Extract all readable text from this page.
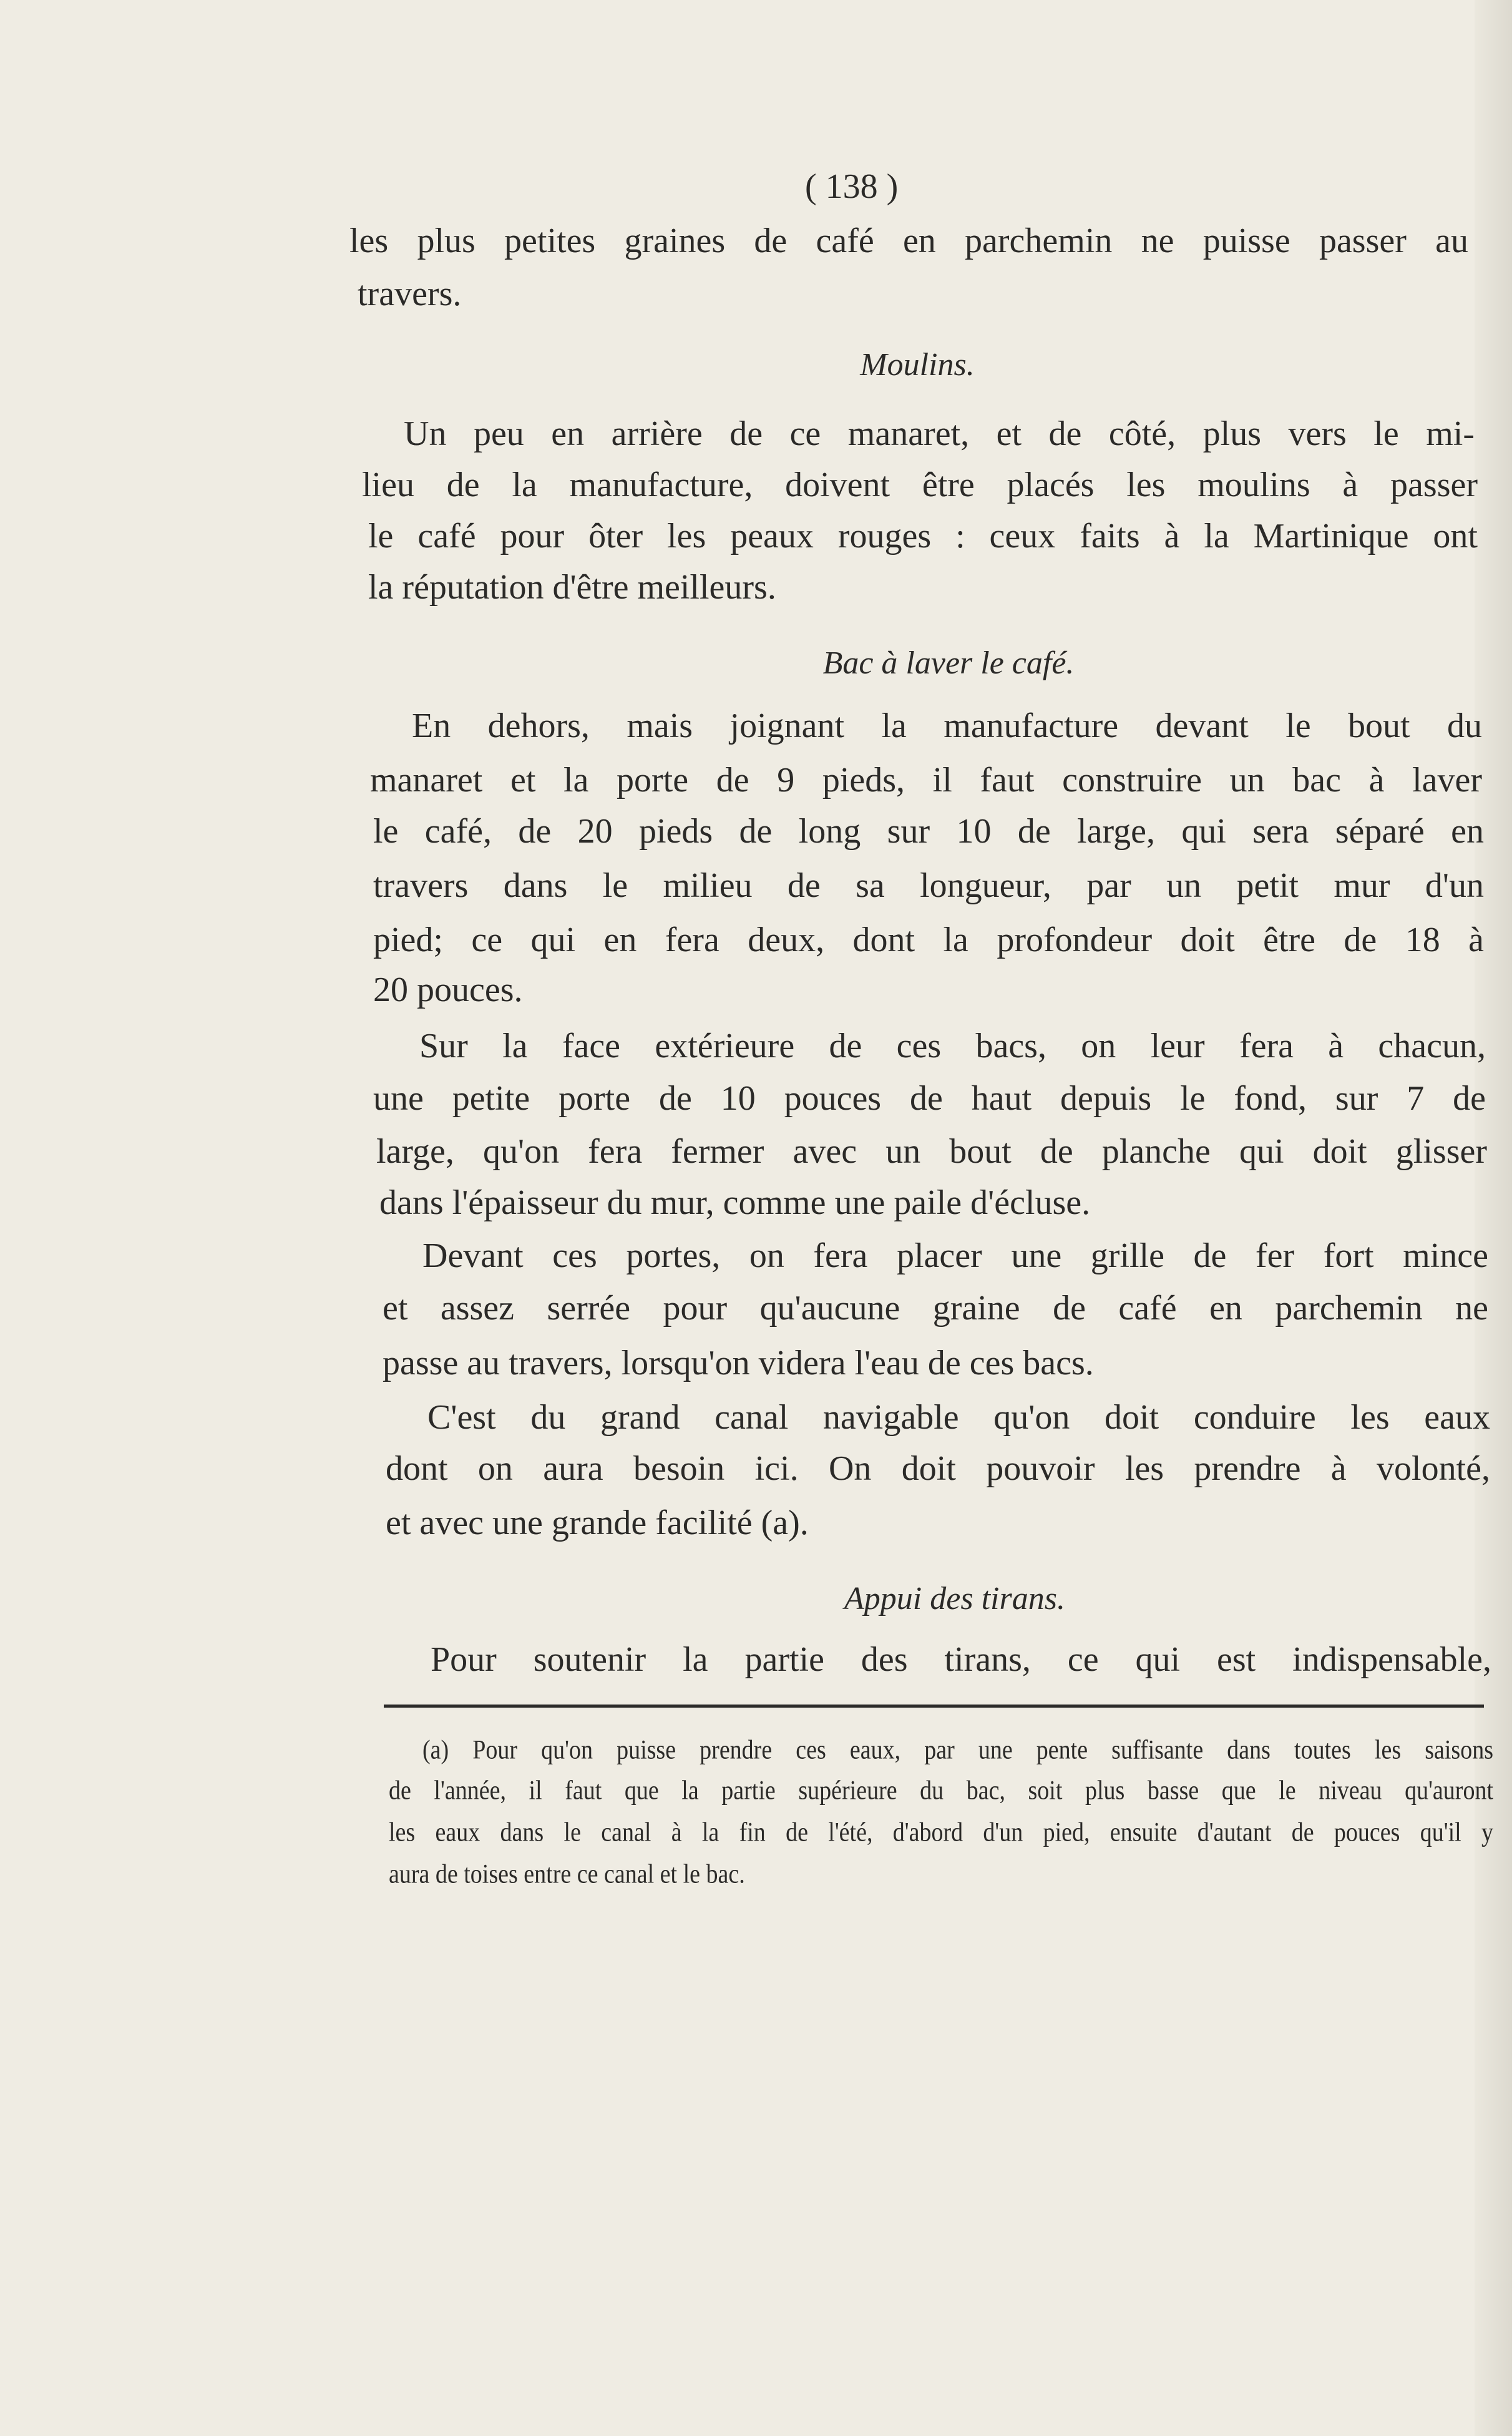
( 138 )
les plus petites graines de café en parchemin ne puisse passer au
travers.
Moulins.
Un peu en arrière de ce manaret, et de côté, plus vers le mi-
lieu de la manufacture, doivent être placés les moulins à passer
le café pour ôter les peaux rouges : ceux faits à la Martinique ont
la réputation d'être meilleurs.
Bac à laver le café.
En dehors, mais joignant la manufacture devant le bout du
manaret et la porte de 9 pieds, il faut construire un bac à laver
le café, de 20 pieds de long sur 10 de large, qui sera séparé en
travers dans le milieu de sa longueur, par un petit mur d'un
pied; ce qui en fera deux, dont la profondeur doit être de 18 à
20 pouces.
Sur la face extérieure de ces bacs, on leur fera à chacun,
une petite porte de 10 pouces de haut depuis le fond, sur 7 de
large, qu'on fera fermer avec un bout de planche qui doit glisser
dans l'épaisseur du mur, comme une paile d'écluse.
Devant ces portes, on fera placer une grille de fer fort mince
et assez serrée pour qu'aucune graine de café en parchemin ne
passe au travers, lorsqu'on videra l'eau de ces bacs.
C'est du grand canal navigable qu'on doit conduire les eaux
dont on aura besoin ici. On doit pouvoir les prendre à volonté,
et avec une grande facilité (a).
Appui des tirans.
Pour soutenir la partie des tirans, ce qui est indispensable,
(a) Pour qu'on puisse prendre ces eaux, par une pente suffisante dans toutes les saisons
de l'année, il faut que la partie supérieure du bac, soit plus basse que le niveau qu'auront
les eaux dans le canal à la fin de l'été, d'abord d'un pied, ensuite d'autant de pouces qu'il y
aura de toises entre ce canal et le bac.
